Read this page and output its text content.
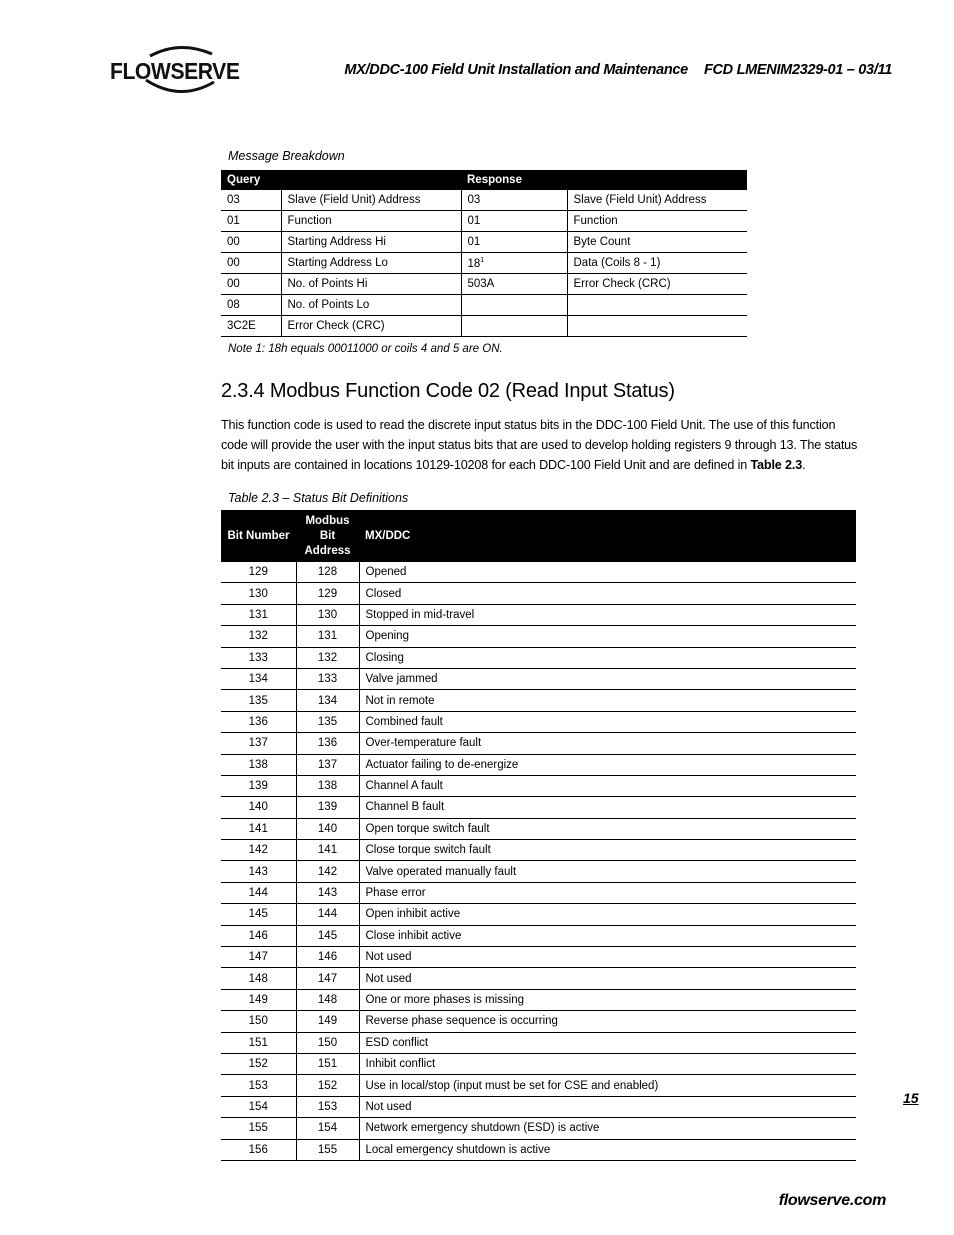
FLOWSERVE	MX/DDC-100 Field Unit Installation and Maintenance FCD LMENIM2329-01 – 03/11
Message Breakdown
Query		Response	
03	Slave (Field Unit) Address	03	Slave (Field Unit) Address
01	Function	01	Function
00	Starting Address Hi	01	Byte Count
00	Starting Address Lo	$18^1$	Data (Coils 8 - 1)
00	No. of Points Hi	503A	Error Check (CRC)
08	No. of Points Lo		
3C2E	Error Check (CRC)		
Note 1: 18h equals 00011000 or coils 4 and 5 are ON.
2.3.4 Modbus Function Code 02 (Read Input Status)
This function code is used to read the discrete input status bits in the DDC-100 Field Unit. The use of this function code will provide the user with the input status bits that are used to develop holding registers 9 through 13. The status bit inputs are contained in locations 10129-10208 for each DDC-100 Field Unit and are defined in Table 2.3.
Table 2.3 – Status Bit Definitions
Bit Number	Modbus
Bit
Address	MX/DDC
129	128	Opened
130	129	Closed
131	130	Stopped in mid-travel
132	131	Opening
133	132	Closing
134	133	Valve jammed
135	134	Not in remote
136	135	Combined fault
137	136	Over-temperature fault
138	137	Actuator failing to de-energize
139	138	Channel A fault
140	139	Channel B fault
141	140	Open torque switch fault
142	141	Close torque switch fault
143	142	Valve operated manually fault
144	143	Phase error
145	144	Open inhibit active
146	145	Close inhibit active
147	146	Not used
148	147	Not used
149	148	One or more phases is missing
150	149	Reverse phase sequence is occurring
151	150	ESD conflict
152	151	Inhibit conflict
153	152	Use in local/stop (input must be set for CSE and enabled)
154	153	Not used
155	154	Network emergency shutdown (ESD) is active
156	155	Local emergency shutdown is active
15
flowserve.com
